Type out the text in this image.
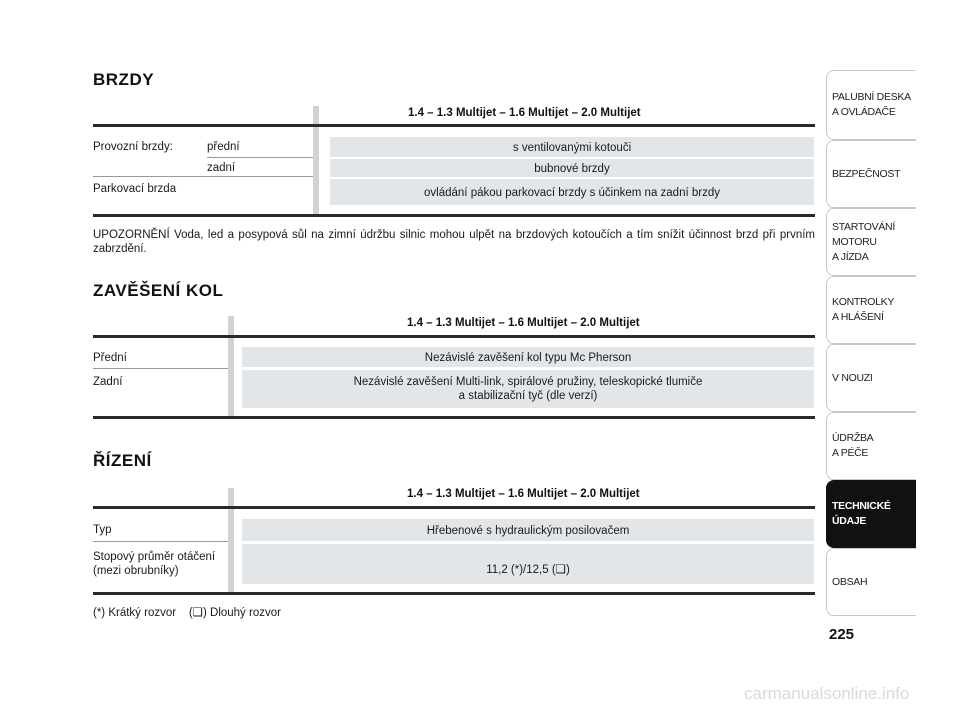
BRZDY
1.4 – 1.3 Multijet – 1.6 Multijet – 2.0 Multijet
Provozní brzdy:	přední
zadní
Parkovací brzda
s ventilovanými kotouči
bubnové brzdy
ovládání pákou parkovací brzdy s účinkem na zadní brzdy
UPOZORNĚNÍ Voda, led a posypová sůl na zimní údržbu silnic mohou ulpět na brzdových kotoučích a tím snížit účinnost brzd při prvním zabrzdění.
ZAVĚŠENÍ KOL
1.4 – 1.3 Multijet – 1.6 Multijet – 2.0 Multijet
Přední
Zadní
Nezávislé zavěšení kol typu Mc Pherson
Nezávislé zavěšení Multi-link, spirálové pružiny, teleskopické tlumiče
a stabilizační tyč (dle verzí)
ŘÍZENÍ
1.4 – 1.3 Multijet – 1.6 Multijet – 2.0 Multijet
Typ
Stopový průměr otáčení
(mezi obrubníky)
Hřebenové s hydraulickým posilovačem
11,2 (*)/12,5 (❑)
(*) Krátký rozvor    (❑) Dlouhý rozvor
PALUBNÍ DESKA
A OVLÁDAČE
BEZPEČNOST
STARTOVÁNÍ
MOTORU
A JÍZDA
KONTROLKY
A HLÁŠENÍ
V NOUZI
ÚDRŽBA
A PÉČE
TECHNICKÉ
ÚDAJE
OBSAH
225
carmanualsonline.info
